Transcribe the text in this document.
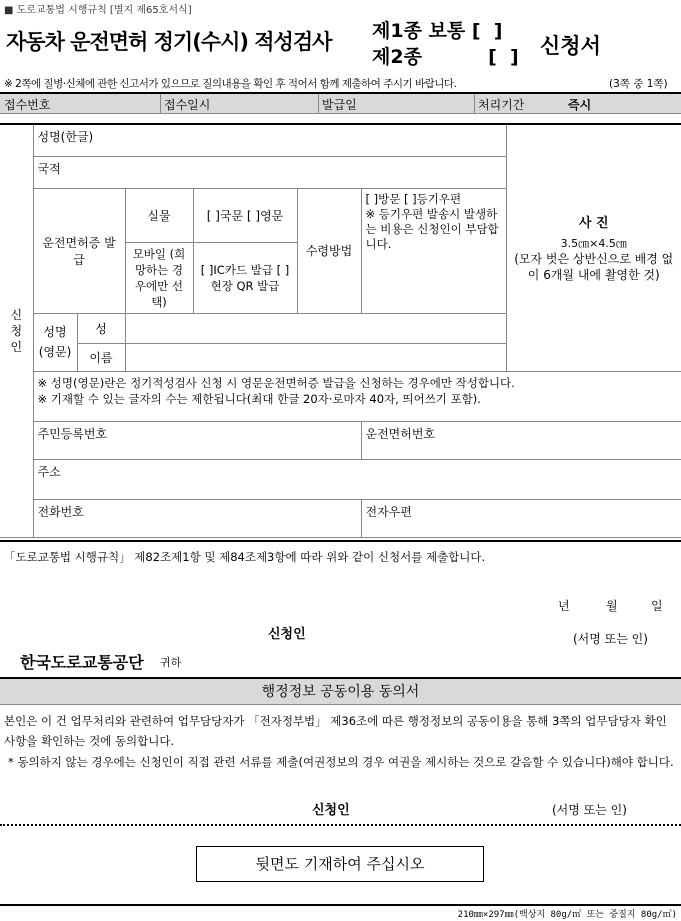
■ 도로교통법 시행규칙 [별지 제65호서식]
자동차 운전면허 정기(수시) 적성검사 제1종 보통 [  ]
제2종          [  ] 신청서
※ 2쪽에 질병·신체에 관한 신고서가 있으므로 질의내용을 확인 후 적어서 함께 제출하여 주시기 바랍니다.	(3쪽 중 1쪽)
접수번호	접수일시	발급일	처리기간	즉시
신청인	성명(한글)						사 진
3.5㎝×4.5㎝
(모자 벗은 상반신으로 배경 없이 6개월 내에 촬영한 것)

	국적						
	운전면허증 발급		실물	[ ]국문 [ ]영문	수령방법	[ ]방문 [ ]등기우편
※ 등기우편 발송시 발생하는 비용은 신청인이 부담합니다.	

			모바일 (희망하는 경우에만 선택)	[ ]IC카드 발급 [ ]현장 QR 발급			
	성명 (영문)	성					
		이름					

	※ 성명(영문)란은 정기적성검사 신청 시 영문운전면허증 발급을 신청하는 경우에만 작성합니다.
※ 기재할 수 있는 글자의 수는 제한됩니다(최대 한글 20자·로마자 40자, 띄어쓰기 포함).						

	주민등록번호					운전면허번호	
	주소						
	전화번호					전자우편	
「도로교통법 시행규칙」 제82조제1항 및 제84조제3항에 따라 위와 같이 신청서를 제출합니다.
년	월	일
신청인	(서명 또는 인)
한국도로교통공단 귀하
행정정보 공동이용 동의서
본인은 이 건 업무처리와 관련하여 업무담당자가 「전자정부법」 제36조에 따른 행정정보의 공동이용을 통해 3쪽의 업무담당자 확인사항을 확인하는 것에 동의합니다.
* 동의하지 않는 경우에는 신청인이 직접 관련 서류를 제출(여권정보의 경우 여권을 제시하는 것으로 갈음할 수 있습니다)해야 합니다.
신청인	(서명 또는 인)
뒷면도 기재하여 주십시오
210㎜×297㎜(백상지 80g/㎡ 또는 중질지 80g/㎡)
